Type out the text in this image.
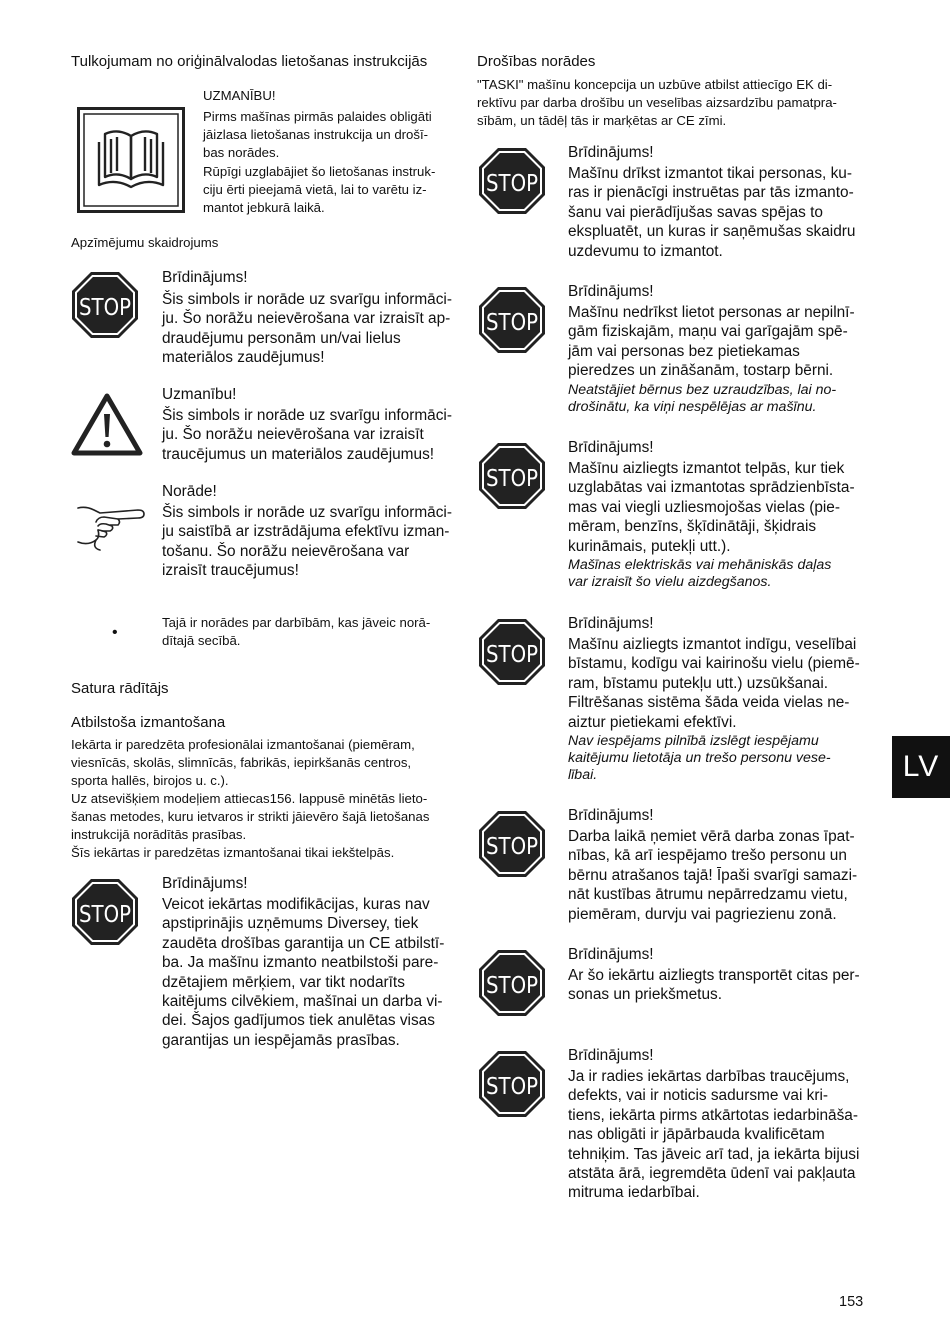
Tulkojumam no oriģinālvalodas lietošanas instrukcijās
UZMANĪBU!
Pirms mašīnas pirmās palaides obligāti
jāizlasa lietošanas instrukcija un drošī-
bas norādes.
Rūpīgi uzglabājiet šo lietošanas instruk-
ciju ērti pieejamā vietā, lai to varētu iz-
mantot jebkurā laikā.
Apzīmējumu skaidrojums
STOP
Brīdinājums!
Šis simbols ir norāde uz svarīgu informāci-
ju. Šo norāžu neievērošana var izraisīt ap-
draudējumu personām un/vai lielus
materiālos zaudējumus!
Uzmanību!
Šis simbols ir norāde uz svarīgu informāci-
ju. Šo norāžu neievērošana var izraisīt
traucējumus un materiālos zaudējumus!
Norāde!
Šis simbols ir norāde uz svarīgu informāci-
ju saistībā ar izstrādājuma efektīvu izman-
tošanu. Šo norāžu neievērošana var
izraisīt traucējumus!
•
Tajā ir norādes par darbībām, kas jāveic norā-
dītajā secībā.
Satura rādītājs
Atbilstoša izmantošana
Iekārta ir paredzēta profesionālai izmantošanai (piemēram,
viesnīcās, skolās, slimnīcās, fabrikās, iepirkšanās centros,
sporta hallēs, birojos u. c.).
Uz atsevišķiem modeļiem attiecas156. lappusē minētās lieto-
šanas metodes, kuru ietvaros ir strikti jāievēro šajā lietošanas
instrukcijā norādītās prasības.
Šīs iekārtas ir paredzētas izmantošanai tikai iekštelpās.
STOP
Brīdinājums!
Veicot iekārtas modifikācijas, kuras nav
apstiprinājis uzņēmums Diversey, tiek
zaudēta drošības garantija un CE atbilstī-
ba. Ja mašīnu izmanto neatbilstoši pare-
dzētajiem mērķiem, var tikt nodarīts
kaitējums cilvēkiem, mašīnai un darba vi-
dei. Šajos gadījumos tiek anulētas visas
garantijas un iespējamās prasības.
Drošības norādes
"TASKI" mašīnu koncepcija un uzbūve atbilst attiecīgo EK di-
rektīvu par darba drošību un veselības aizsardzību pamatpra-
sībām, un tādēļ tās ir marķētas ar CE zīmi.
STOP
Brīdinājums!
Mašīnu drīkst izmantot tikai personas, ku-
ras ir pienācīgi instruētas par tās izmanto-
šanu vai pierādījušas savas spējas to
ekspluatēt, un kuras ir saņēmušas skaidru
uzdevumu to izmantot.
STOP
Brīdinājums!
Mašīnu nedrīkst lietot personas ar nepilnī-
gām fiziskajām, maņu vai garīgajām spē-
jām vai personas bez pietiekamas
pieredzes un zināšanām, tostarp bērni.
Neatstājiet bērnus bez uzraudzības, lai no-
drošinātu, ka viņi nespēlējas ar mašīnu.
STOP
Brīdinājums!
Mašīnu aizliegts izmantot telpās, kur tiek
uzglabātas vai izmantotas sprādzienbīsta-
mas vai viegli uzliesmojošas vielas (pie-
mēram, benzīns, šķīdinātāji, šķidrais
kurināmais, putekļi utt.).
Mašīnas elektriskās vai mehāniskās daļas
var izraisīt šo vielu aizdegšanos.
STOP
Brīdinājums!
Mašīnu aizliegts izmantot indīgu, veselībai
bīstamu, kodīgu vai kairinošu vielu (piemē-
ram, bīstamu putekļu utt.) uzsūkšanai.
Filtrēšanas sistēma šāda veida vielas ne-
aiztur pietiekami efektīvi.
Nav iespējams pilnībā izslēgt iespējamu
kaitējumu lietotāja un trešo personu vese-
lībai.
STOP
Brīdinājums!
Darba laikā ņemiet vērā darba zonas īpat-
nības, kā arī iespējamo trešo personu un
bērnu atrašanos tajā! Īpaši svarīgi samazi-
nāt kustības ātrumu nepārredzamu vietu,
piemēram, durvju vai pagriezienu zonā.
STOP
Brīdinājums!
Ar šo iekārtu aizliegts transportēt citas per-
sonas un priekšmetus.
STOP
Brīdinājums!
Ja ir radies iekārtas darbības traucējums,
defekts, vai ir noticis sadursme vai kri-
tiens, iekārta pirms atkārtotas iedarbināša-
nas obligāti ir jāpārbauda kvalificētam
tehniķim. Tas jāveic arī tad, ja iekārta bijusi
atstāta ārā, iegremdēta ūdenī vai pakļauta
mitruma iedarbībai.
LV
153
